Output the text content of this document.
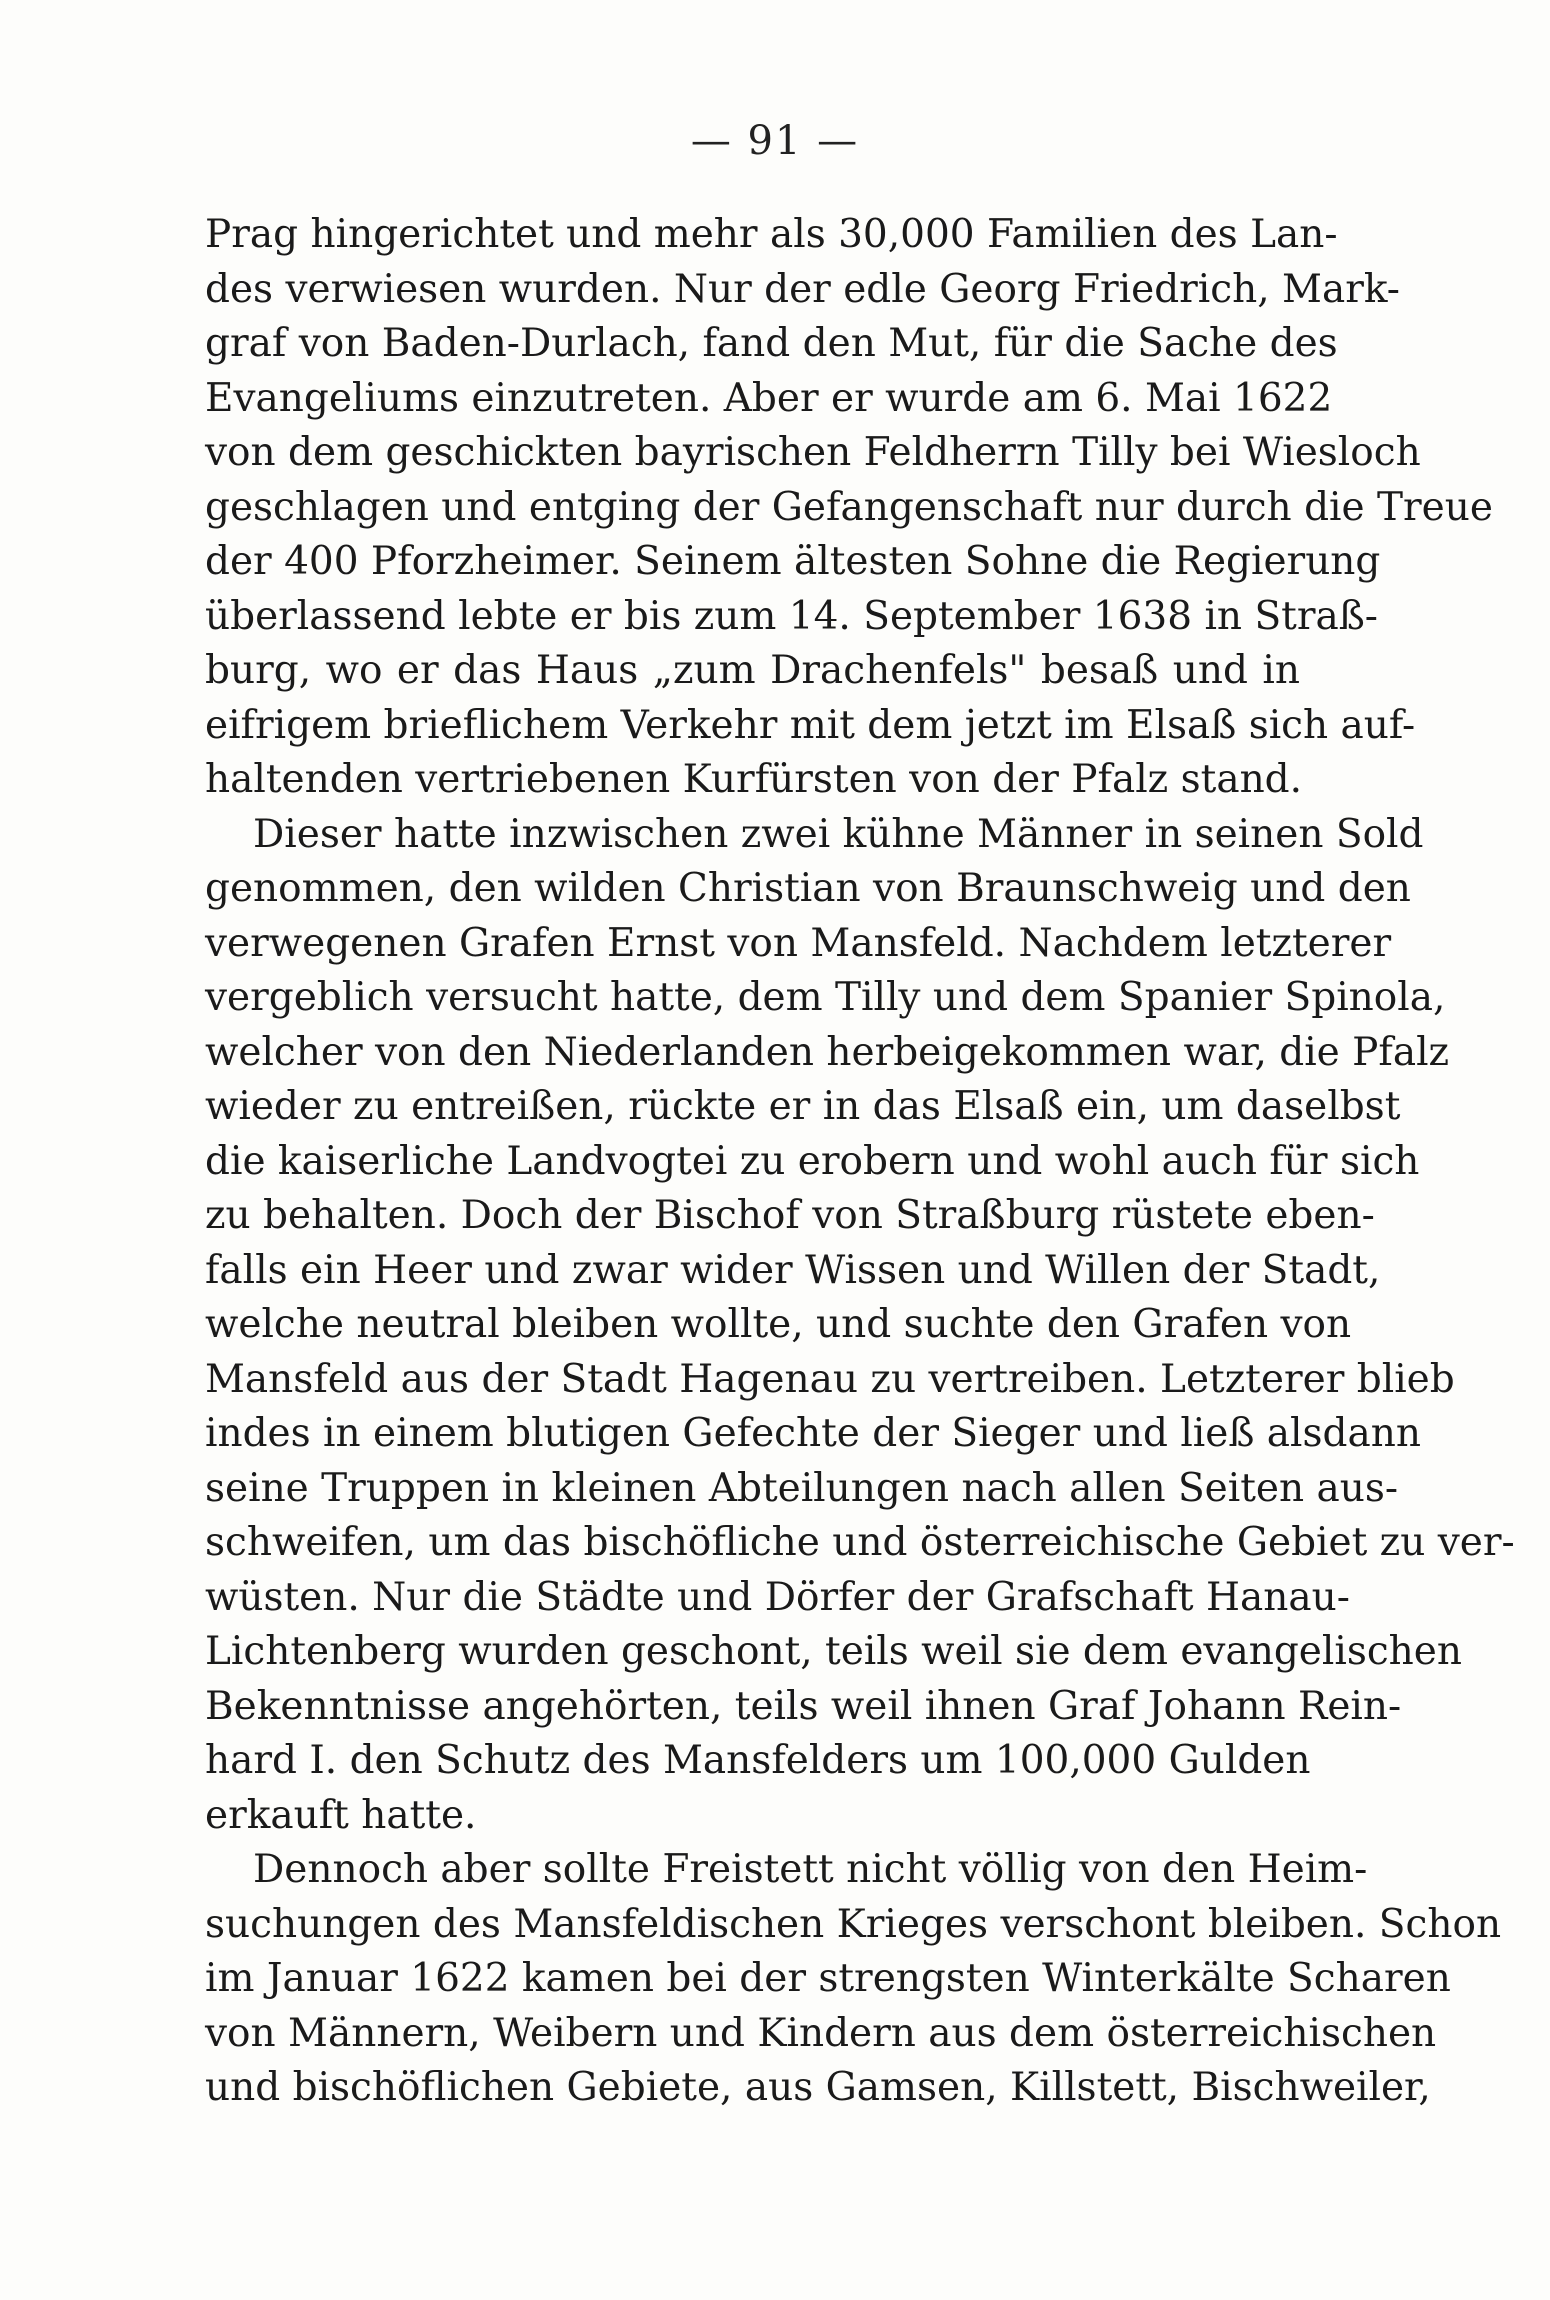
— 91 —
Prag hingerichtet und mehr als 30,000 Familien des Lan-
des verwiesen wurden. Nur der edle Georg Friedrich, Mark-
graf von Baden-Durlach, fand den Mut, für die Sache des
Evangeliums einzutreten. Aber er wurde am 6. Mai 1622
von dem geschickten bayrischen Feldherrn Tilly bei Wiesloch
geschlagen und entging der Gefangenschaft nur durch die Treue
der 400 Pforzheimer. Seinem ältesten Sohne die Regierung
überlassend lebte er bis zum 14. September 1638 in Straß-
burg, wo er das Haus „zum Drachenfels" besaß und in
eifrigem brieflichem Verkehr mit dem jetzt im Elsaß sich auf-
haltenden vertriebenen Kurfürsten von der Pfalz stand.
Dieser hatte inzwischen zwei kühne Männer in seinen Sold
genommen, den wilden Christian von Braunschweig und den
verwegenen Grafen Ernst von Mansfeld. Nachdem letzterer
vergeblich versucht hatte, dem Tilly und dem Spanier Spinola,
welcher von den Niederlanden herbeigekommen war, die Pfalz
wieder zu entreißen, rückte er in das Elsaß ein, um daselbst
die kaiserliche Landvogtei zu erobern und wohl auch für sich
zu behalten. Doch der Bischof von Straßburg rüstete eben-
falls ein Heer und zwar wider Wissen und Willen der Stadt,
welche neutral bleiben wollte, und suchte den Grafen von
Mansfeld aus der Stadt Hagenau zu vertreiben. Letzterer blieb
indes in einem blutigen Gefechte der Sieger und ließ alsdann
seine Truppen in kleinen Abteilungen nach allen Seiten aus-
schweifen, um das bischöfliche und österreichische Gebiet zu ver-
wüsten. Nur die Städte und Dörfer der Grafschaft Hanau-
Lichtenberg wurden geschont, teils weil sie dem evangelischen
Bekenntnisse angehörten, teils weil ihnen Graf Johann Rein-
hard I. den Schutz des Mansfelders um 100,000 Gulden
erkauft hatte.
Dennoch aber sollte Freistett nicht völlig von den Heim-
suchungen des Mansfeldischen Krieges verschont bleiben. Schon
im Januar 1622 kamen bei der strengsten Winterkälte Scharen
von Männern, Weibern und Kindern aus dem österreichischen
und bischöflichen Gebiete, aus Gamsen, Killstett, Bischweiler,
